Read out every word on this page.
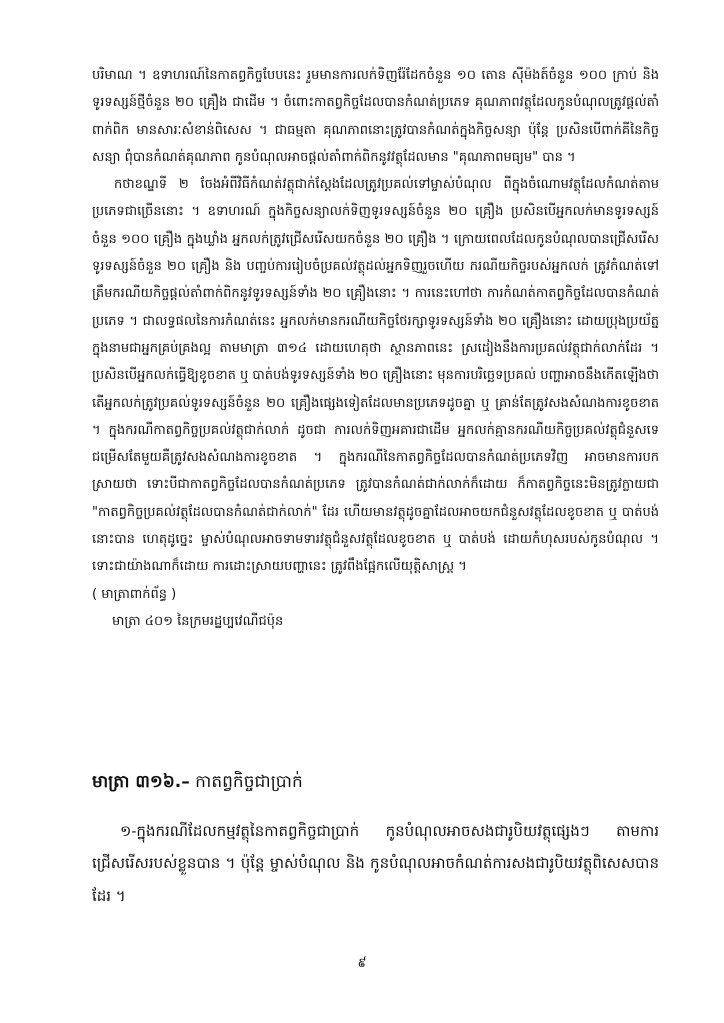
បរិមាណ ។ ឧទាហរណ៍នៃកាតព្វកិច្ចបែបនេះ រួមមានការលក់ទិញរ៉ែដែកចំនួន ១០ តោន ស៊ីម៉ងត៍ចំនួន ១០០ ក្រាប់ និង ទូរទស្សន៍ថ្មីចំនួន ២០ គ្រឿង ជាដើម ។ ចំពោះកាតព្វកិច្ចដែលបានកំណត់ប្រភេទ គុណភាពវត្ថុដែលកូនបំណុលត្រូវផ្ដល់តាំពាក់ពិក មានសារៈសំខាន់ពិសេស ។ ជាធម្មតា គុណភាពនោះត្រូវបានកំណត់ក្នុងកិច្ចសន្យា ប៉ុន្តែ ប្រសិនបើពាក់គីនៃកិច្ចសន្យា ពុំបានកំណត់គុណភាព កូនបំណុលអាចផ្ដល់តាំពាក់ពិកនូវវត្ថុដែលមាន "គុណភាពមធ្យម" បាន ។

កថាខណ្ឌទី ២ ចែងអំពីវិធីកំណត់វត្ថុជាក់ស្ដែងដែលត្រូវប្រគល់ទៅម្ចាស់បំណុល ពីក្នុងចំណោមវត្ថុដែលកំណត់តាមប្រភេទជាច្រើននោះ ។ ឧទាហរណ៍ ក្នុងកិច្ចសន្យាលក់ទិញទូរទស្សន៍ចំនួន ២០ គ្រឿង ប្រសិនបើអ្នកលក់មានទូរទស្សន៍ចំនួន ១០០ គ្រឿង ក្នុងឃ្លាំង អ្នកលក់ត្រូវជ្រើសរើសយកចំនួន ២០ គ្រឿង ។ ក្រោយពេលដែលកូនបំណុលបានជ្រើសរើសទូរទស្សន៍ចំនួន ២០ គ្រឿង និង បញ្ចប់ការរៀបចំប្រគល់វត្ថុដល់អ្នកទិញរួចហើយ ករណីយកិច្ចរបស់អ្នកលក់ ត្រូវកំណត់ទៅត្រឹមករណីយកិច្ចផ្ដល់តាំពាក់ពិកនូវទូរទស្សន៍ទាំង ២០ គ្រឿងនោះ ។ ការនេះហៅថា ការកំណត់កាតព្វកិច្ចដែលបានកំណត់ប្រភេទ ។ ជាលទ្ធផលនៃការកំណត់នេះ អ្នកលក់មានករណីយកិច្ចថែរក្សាទូរទស្សន៍ទាំង ២០ គ្រឿងនោះ ដោយប្រុងប្រយ័ត្ន ក្នុងនាមជាអ្នកគ្រប់គ្រងល្អ តាមមាត្រា ៣១៤ ដោយហេតុថា ស្ថានភាពនេះ ស្រដៀងនឹងការប្រគល់វត្ថុជាក់លាក់ដែរ ។ ប្រសិនបើអ្នកលក់ធ្វើឱ្យខូចខាត ឬ បាត់បង់ទូរទស្សន៍ទាំង ២០ គ្រឿងនោះ មុនការបរិច្ឆេទប្រគល់ បញ្ហាអាចនឹងកើតឡើងថា តើអ្នកលក់ត្រូវប្រគល់ទូរទស្សន៍ចំនួន ២០ គ្រឿងផ្សេងទៀតដែលមានប្រភេទដូចគ្នា ឬ គ្រាន់តែត្រូវសងសំណងការខូចខាត ។ ក្នុងករណីកាតព្វកិច្ចប្រគល់វត្ថុជាក់លាក់ ដូចជា ការលក់ទិញអគារជាដើម អ្នកលក់គ្មានករណីយកិច្ចប្រគល់វត្ថុជំនួសទេ ជម្រើសតែមួយគឺត្រូវសងសំណងការខូចខាត ។ ក្នុងករណីនៃកាតព្វកិច្ចដែលបានកំណត់ប្រភេទវិញ អាចមានការបកស្រាយថា ទោះបីជាកាតព្វកិច្ចដែលបានកំណត់ប្រភេទ ត្រូវបានកំណត់ជាក់លាក់ក៏ដោយ ក៏កាតព្វកិច្ចនេះមិនត្រូវក្លាយជា "កាតព្វកិច្ចប្រគល់វត្ថុដែលបានកំណត់ជាក់លាក់" ដែរ ហើយមានវត្ថុដូចគ្នាដែលអាចយកជំនួសវត្ថុដែលខូចខាត ឬ បាត់បង់នោះបាន ហេតុដូច្នេះ ម្ចាស់បំណុលអាចទាមទារវត្ថុជំនួសវត្ថុដែលខូចខាត ឬ បាត់បង់ ដោយកំហុសរបស់កូនបំណុល ។ ទោះជាយ៉ាងណាក៏ដោយ ការដោះស្រាយបញ្ហានេះ ត្រូវពឹងផ្អែកលើយុត្តិសាស្ត្រ ។

( មាត្រាពាក់ព័ន្ធ )

មាត្រា ៤០១ នៃក្រមរដ្ឋប្បវេណីជប៉ុន

មាត្រា ៣១៦.– កាតព្វកិច្ចជាប្រាក់

១-ក្នុងករណីដែលកម្មវត្ថុនៃកាតព្វកិច្ចជាប្រាក់ កូនបំណុលអាចសងជារូបិយវត្ថុផ្សេងៗ តាមការជ្រើសរើសរបស់ខ្លួនបាន ។ ប៉ុន្តែ ម្ចាស់បំណុល និង កូនបំណុលអាចកំណត់ការសងជារូបិយវត្ថុពិសេសបានដែរ ។

៩
